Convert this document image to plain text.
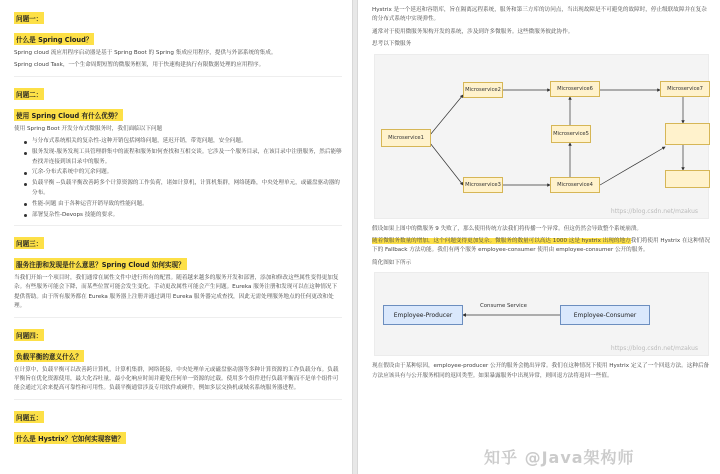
问题一：
什么是 Spring Cloud？

Spring cloud 流应用程序启动器是基于 Spring Boot 的 Spring 集成应用程序，提供与外部系统的集成。

Spring cloud Task，一个生命周期短暂的微服务框架，用于快速构建执行有限数据处理的应用程序。

问题二：
使用 Spring Cloud 有什么优势？

使用 Spring Boot 开发分布式微服务时，我们面临以下问题

与分布式系统相关的复杂性-这种开销包括网络问题，延迟开销，带宽问题，安全问题。
服务发现-服务发现工具管理群集中的流程和服务如何查找和互相交谈。它涉及一个服务目录，在该目录中注册服务，然后能够查找并连接到该目录中的服务。
冗余-分布式系统中的冗余问题。
负载平衡 --负载平衡改善跨多个计算资源的工作负荷，诸如计算机，计算机集群，网络链路，中央处理单元，或磁盘驱动器的分布。
性能-问题 由于各种运营开销导致的性能问题。
部署复杂性-Devops 技能的要求。
问题三：
服务注册和发现是什么意思？Spring Cloud 如何实现？

当我们开始一个项目时，我们通常在属性文件中进行所有的配置。随着越来越多的服务开发和部署，添加和修改这些属性变得更加复杂。有些服务可能会下降，而某些位置可能会发生变化。手动更改属性可能会产生问题。Eureka 服务注册和发现可以在这种情况下提供帮助。由于所有服务都在 Eureka 服务器上注册并通过调用 Eureka 服务器完成查找，因此无需处理服务地点的任何更改和处理。

问题四：
负载平衡的意义什么？

在计算中，负载平衡可以改善跨计算机，计算机集群，网络链接，中央处理单元或磁盘驱动器等多种计算资源的工作负载分布。负载平衡旨在优化资源使用，最大化吞吐量，最小化响应时间并避免任何单一资源的过载。使用多个组件进行负载平衡而不是单个组件可能会通过冗余来提高可靠性和可用性。负载平衡通常涉及专用软件或硬件，例如多层交换机或域名系统服务器进程。

问题五：
什么是 Hystrix？它如何实现容错？

Hystrix 是一个延迟和容错库，旨在隔离远程系统，服务和第三方库的访问点，当出现故障是不可避免的故障时，停止级联故障并在复杂的分布式系统中实现弹性。

通常对于使用微服务架构开发的系统，涉及到许多微服务。这些微服务彼此协作。

思考以下微服务

Microservice1
Microservice2
Microservice3
Microservice6
Microservice5
Microservice4
Microservice7
https://blog.csdn.net/mzakus

假设如果上图中的微服务 9 失败了，那么使用传统方法我们将传播一个异常。但这仍然会导致整个系统崩溃。

随着微服务数量的增加，这个问题变得更加复杂。微服务的数量可以高达 1000 这是 hystrix 出现的地方我们将使用 Hystrix 在这种情况下的 Fallback 方法功能。我们有两个服务 employee-consumer 使用由 employee-consumer 公开的服务。

简化图如下所示

Employee-Producer	Employee-Consumer
Consume Service
https://blog.csdn.net/mzakus

现在假设由于某种原因，employee-producer 公开的服务会抛出异常。我们在这种情况下使用 Hystrix 定义了一个回退方法。这种后备方法应该具有与公开服务相同的返回类型。如果暴露服务中出现异常，则回退方法将返回一些值。

知乎 @Java架构师
